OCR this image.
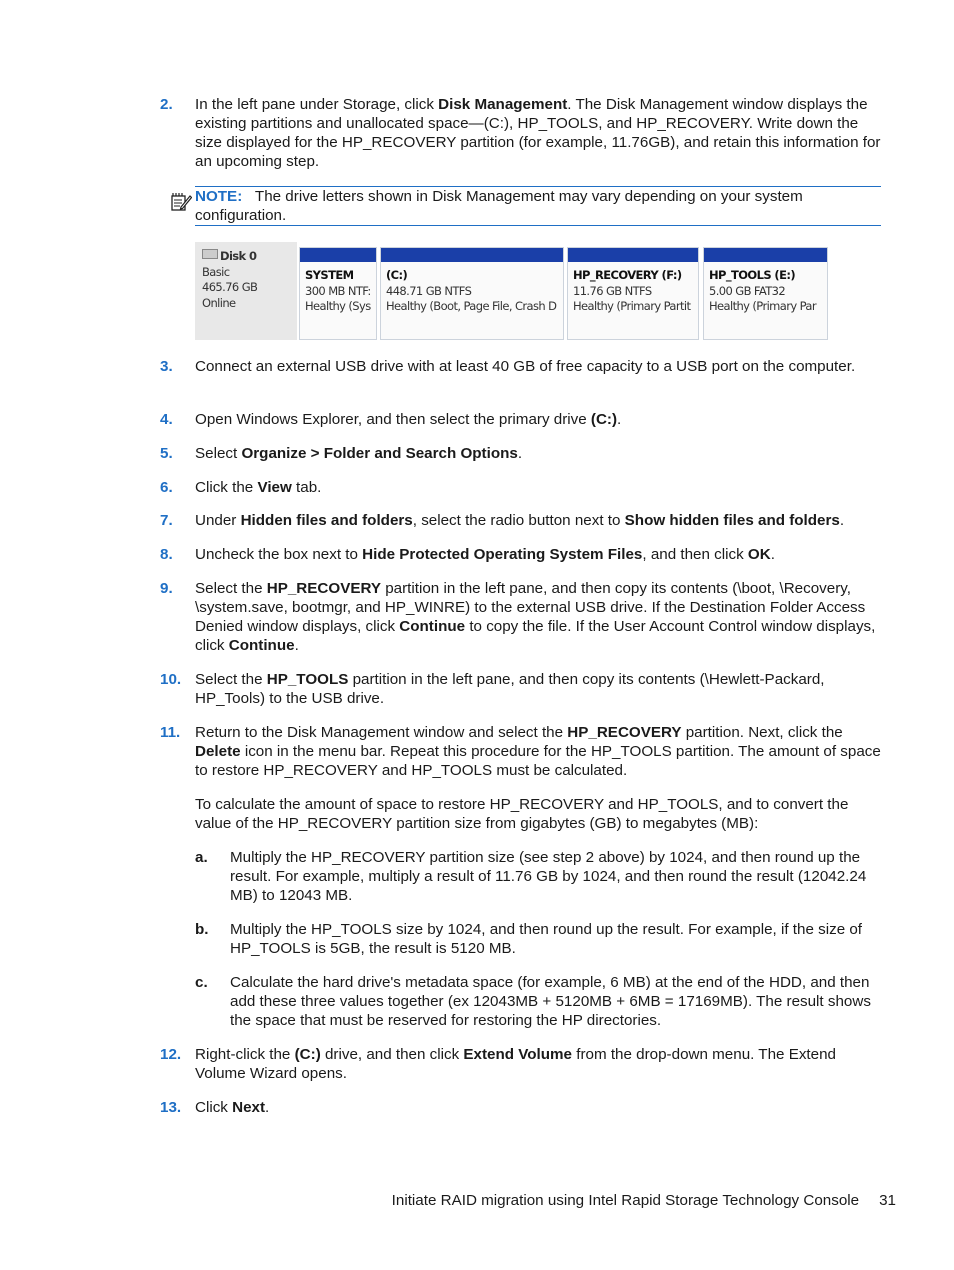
2. In the left pane under Storage, click Disk Management. The Disk Management window displays the existing partitions and unallocated space—(C:), HP_TOOLS, and HP_RECOVERY. Write down the size displayed for the HP_RECOVERY partition (for example, 11.76GB), and retain this information for an upcoming step.
NOTE: The drive letters shown in Disk Management may vary depending on your system configuration.
Disk 0
Basic
465.76 GB
Online
SYSTEM
300 MB NTF:
Healthy (Sys
(C:)
448.71 GB NTFS
Healthy (Boot, Page File, Crash D
HP_RECOVERY (F:)
11.76 GB NTFS
Healthy (Primary Partit
HP_TOOLS (E:)
5.00 GB FAT32
Healthy (Primary Par
3. Connect an external USB drive with at least 40 GB of free capacity to a USB port on the computer.
4. Open Windows Explorer, and then select the primary drive (C:).
5. Select Organize > Folder and Search Options.
6. Click the View tab.
7. Under Hidden files and folders, select the radio button next to Show hidden files and folders.
8. Uncheck the box next to Hide Protected Operating System Files, and then click OK.
9. Select the HP_RECOVERY partition in the left pane, and then copy its contents (\boot, \Recovery, \system.save, bootmgr, and HP_WINRE) to the external USB drive. If the Destination Folder Access Denied window displays, click Continue to copy the file. If the User Account Control window displays, click Continue.
10. Select the HP_TOOLS partition in the left pane, and then copy its contents (\Hewlett-Packard, HP_Tools) to the USB drive.
11. Return to the Disk Management window and select the HP_RECOVERY partition. Next, click the Delete icon in the menu bar. Repeat this procedure for the HP_TOOLS partition. The amount of space to restore HP_RECOVERY and HP_TOOLS must be calculated.
To calculate the amount of space to restore HP_RECOVERY and HP_TOOLS, and to convert the value of the HP_RECOVERY partition size from gigabytes (GB) to megabytes (MB):
a. Multiply the HP_RECOVERY partition size (see step 2 above) by 1024, and then round up the result. For example, multiply a result of 11.76 GB by 1024, and then round the result (12042.24 MB) to 12043 MB.
b. Multiply the HP_TOOLS size by 1024, and then round up the result. For example, if the size of HP_TOOLS is 5GB, the result is 5120 MB.
c. Calculate the hard drive's metadata space (for example, 6 MB) at the end of the HDD, and then add these three values together (ex 12043MB + 5120MB + 6MB = 17169MB). The result shows the space that must be reserved for restoring the HP directories.
12. Right-click the (C:) drive, and then click Extend Volume from the drop-down menu. The Extend Volume Wizard opens.
13. Click Next.
Initiate RAID migration using Intel Rapid Storage Technology Console 31
